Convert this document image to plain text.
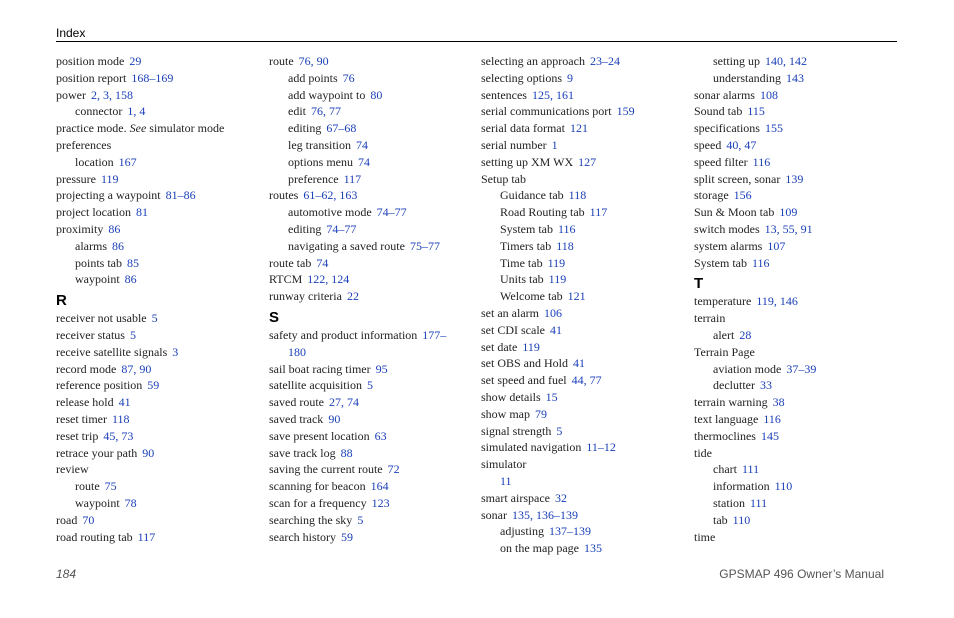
Index
position mode 29
position report 168–169
power 2, 3, 158
connector 1, 4
practice mode. See simulator mode
preferences
location 167
pressure 119
projecting a waypoint 81–86
project location 81
proximity 86
alarms 86
points tab 85
waypoint 86
R
receiver not usable 5
receiver status 5
receive satellite signals 3
record mode 87, 90
reference position 59
release hold 41
reset timer 118
reset trip 45, 73
retrace your path 90
review
route 75
waypoint 78
road 70
road routing tab 117
route 76, 90
add points 76
add waypoint to 80
edit 76, 77
editing 67–68
leg transition 74
options menu 74
preference 117
routes 61–62, 163
automotive mode 74–77
editing 74–77
navigating a saved route 75–77
route tab 74
RTCM 122, 124
runway criteria 22
S
safety and product information 177–
180
sail boat racing timer 95
satellite acquisition 5
saved route 27, 74
saved track 90
save present location 63
save track log 88
saving the current route 72
scanning for beacon 164
scan for a frequency 123
searching the sky 5
search history 59
selecting an approach 23–24
selecting options 9
sentences 125, 161
serial communications port 159
serial data format 121
serial number 1
setting up XM WX 127
Setup tab
Guidance tab 118
Road Routing tab 117
System tab 116
Timers tab 118
Time tab 119
Units tab 119
Welcome tab 121
set an alarm 106
set CDI scale 41
set date 119
set OBS and Hold 41
set speed and fuel 44, 77
show details 15
show map 79
signal strength 5
simulated navigation 11–12
simulator
11
smart airspace 32
sonar 135, 136–139
adjusting 137–139
on the map page 135
setting up 140, 142
understanding 143
sonar alarms 108
Sound tab 115
specifications 155
speed 40, 47
speed filter 116
split screen, sonar 139
storage 156
Sun & Moon tab 109
switch modes 13, 55, 91
system alarms 107
System tab 116
T
temperature 119, 146
terrain
alert 28
Terrain Page
aviation mode 37–39
declutter 33
terrain warning 38
text language 116
thermoclines 145
tide
chart 111
information 110
station 111
tab 110
time
184	GPSMAP 496 Owner’s Manual
